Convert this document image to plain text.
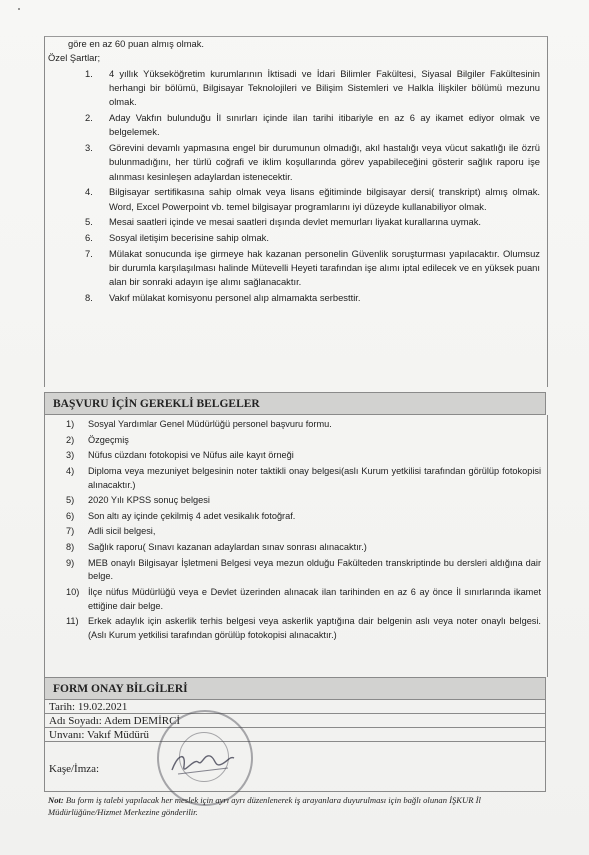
göre en az 60 puan almış olmak.
Özel Şartlar;
1. 4 yıllık Yükseköğretim kurumlarının İktisadi ve İdari Bilimler Fakültesi, Siyasal Bilgiler Fakültesinin herhangi bir bölümü, Bilgisayar Teknolojileri ve Bilişim Sistemleri ve Halkla İlişkiler bölümü mezunu olmak.
2. Aday Vakfın bulunduğu İl sınırları içinde ilan tarihi itibariyle en az 6 ay ikamet ediyor olmak ve belgelemek.
3. Görevini devamlı yapmasına engel bir durumunun olmadığı, akıl hastalığı veya vücut sakatlığı ile özrü bulunmadığını, her türlü coğrafi ve iklim koşullarında görev yapabileceğini gösterir sağlık raporu işe alınması kesinleşen adaylardan istenecektir.
4. Bilgisayar sertifikasına sahip olmak veya lisans eğitiminde bilgisayar dersi( transkript) almış olmak. Word, Excel Powerpoint vb. temel bilgisayar programlarını iyi düzeyde kullanabiliyor olmak.
5. Mesai saatleri içinde ve mesai saatleri dışında devlet memurları liyakat kurallarına uymak.
6. Sosyal iletişim becerisine sahip olmak.
7. Mülakat sonucunda işe girmeye hak kazanan personelin Güvenlik soruşturması yapılacaktır. Olumsuz bir durumla karşılaşılması halinde Mütevelli Heyeti tarafından işe alımı iptal edilecek ve en yüksek puanı alan bir sonraki adayın işe alımı sağlanacaktır.
8. Vakıf mülakat komisyonu personel alıp almamakta serbesttir.
BAŞVURU İÇİN GEREKLİ BELGELER
1) Sosyal Yardımlar Genel Müdürlüğü personel başvuru formu.
2) Özgeçmiş
3) Nüfus cüzdanı fotokopisi ve Nüfus aile kayıt örneği
4) Diploma veya mezuniyet belgesinin noter taktikli onay belgesi(aslı Kurum yetkilisi tarafından görülüp fotokopisi alınacaktır.)
5) 2020 Yılı KPSS sonuç belgesi
6) Son altı ay içinde çekilmiş 4 adet vesikalık fotoğraf.
7) Adli sicil belgesi,
8) Sağlık raporu( Sınavı kazanan adaylardan sınav sonrası alınacaktır.)
9) MEB onaylı Bilgisayar İşletmeni Belgesi veya mezun olduğu Fakülteden transkriptinde bu dersleri aldığına dair belge.
10) İlçe nüfus Müdürlüğü veya e Devlet üzerinden alınacak ilan tarihinden en az 6 ay önce İl sınırlarında ikamet ettiğine dair belge.
11) Erkek adaylık için askerlik terhis belgesi veya askerlik yaptığına dair belgenin aslı veya noter onaylı belgesi.(Aslı Kurum yetkilisi tarafından görülüp fotokopisi alınacaktır.)
FORM ONAY BİLGİLERİ
Tarih: 19.02.2021
Adı Soyadı: Adem DEMİRCİ
Unvanı: Vakıf Müdürü
Kaşe/İmza:
Not: Bu form iş talebi yapılacak her meslek için ayrı ayrı düzenlenerek iş arayanlara duyurulması için bağlı olunan İŞKUR İl Müdürlüğüne/Hizmet Merkezine gönderilir.
